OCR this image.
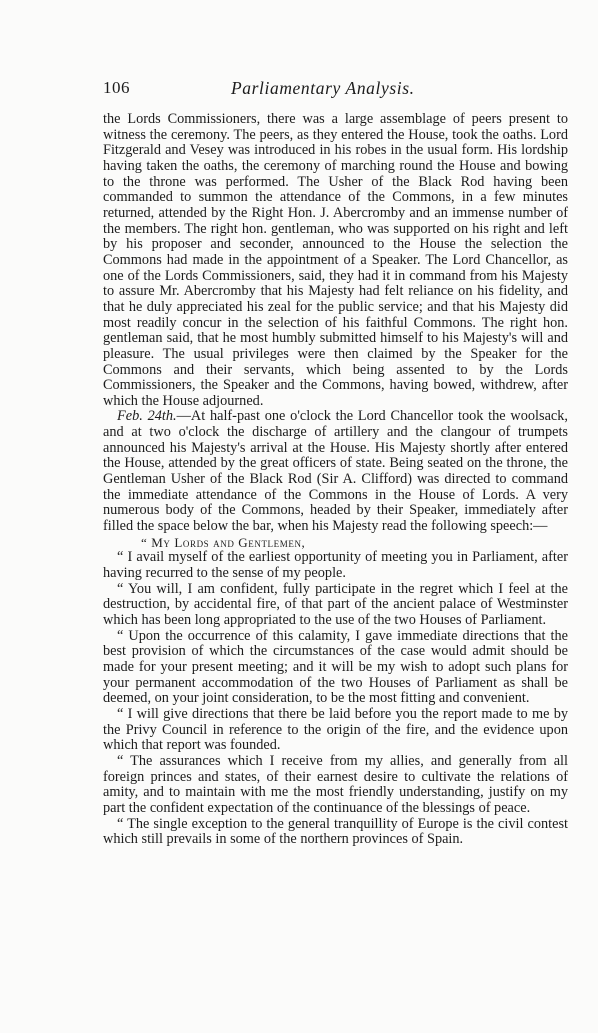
106	Parliamentary Analysis.

the Lords Commissioners, there was a large assemblage of peers present to witness the ceremony. The peers, as they entered the House, took the oaths. Lord Fitzgerald and Vesey was introduced in his robes in the usual form. His lordship having taken the oaths, the ceremony of marching round the House and bowing to the throne was performed. The Usher of the Black Rod having been commanded to summon the attendance of the Commons, in a few minutes returned, attended by the Right Hon. J. Abercromby and an immense number of the members. The right hon. gentleman, who was supported on his right and left by his proposer and seconder, announced to the House the selection the Commons had made in the appointment of a Speaker. The Lord Chancellor, as one of the Lords Commissioners, said, they had it in command from his Majesty to assure Mr. Abercromby that his Majesty had felt reliance on his fidelity, and that he duly appreciated his zeal for the public service; and that his Majesty did most readily concur in the selection of his faithful Commons. The right hon. gentleman said, that he most humbly submitted himself to his Majesty's will and pleasure. The usual privileges were then claimed by the Speaker for the Commons and their servants, which being assented to by the Lords Commissioners, the Speaker and the Commons, having bowed, withdrew, after which the House adjourned.

Feb. 24th.—At half-past one o'clock the Lord Chancellor took the woolsack, and at two o'clock the discharge of artillery and the clangour of trumpets announced his Majesty's arrival at the House. His Majesty shortly after entered the House, attended by the great officers of state. Being seated on the throne, the Gentleman Usher of the Black Rod (Sir A. Clifford) was directed to command the immediate attendance of the Commons in the House of Lords. A very numerous body of the Commons, headed by their Speaker, immediately after filled the space below the bar, when his Majesty read the following speech:—

“ My Lords and Gentlemen,

“ I avail myself of the earliest opportunity of meeting you in Parliament, after having recurred to the sense of my people.

“ You will, I am confident, fully participate in the regret which I feel at the destruction, by accidental fire, of that part of the ancient palace of Westminster which has been long appropriated to the use of the two Houses of Parliament.

“ Upon the occurrence of this calamity, I gave immediate directions that the best provision of which the circumstances of the case would admit should be made for your present meeting; and it will be my wish to adopt such plans for your permanent accommodation of the two Houses of Parliament as shall be deemed, on your joint consideration, to be the most fitting and convenient.

“ I will give directions that there be laid before you the report made to me by the Privy Council in reference to the origin of the fire, and the evidence upon which that report was founded.

“ The assurances which I receive from my allies, and generally from all foreign princes and states, of their earnest desire to cultivate the relations of amity, and to maintain with me the most friendly understanding, justify on my part the confident expectation of the continuance of the blessings of peace.

“ The single exception to the general tranquillity of Europe is the civil contest which still prevails in some of the northern provinces of Spain.
